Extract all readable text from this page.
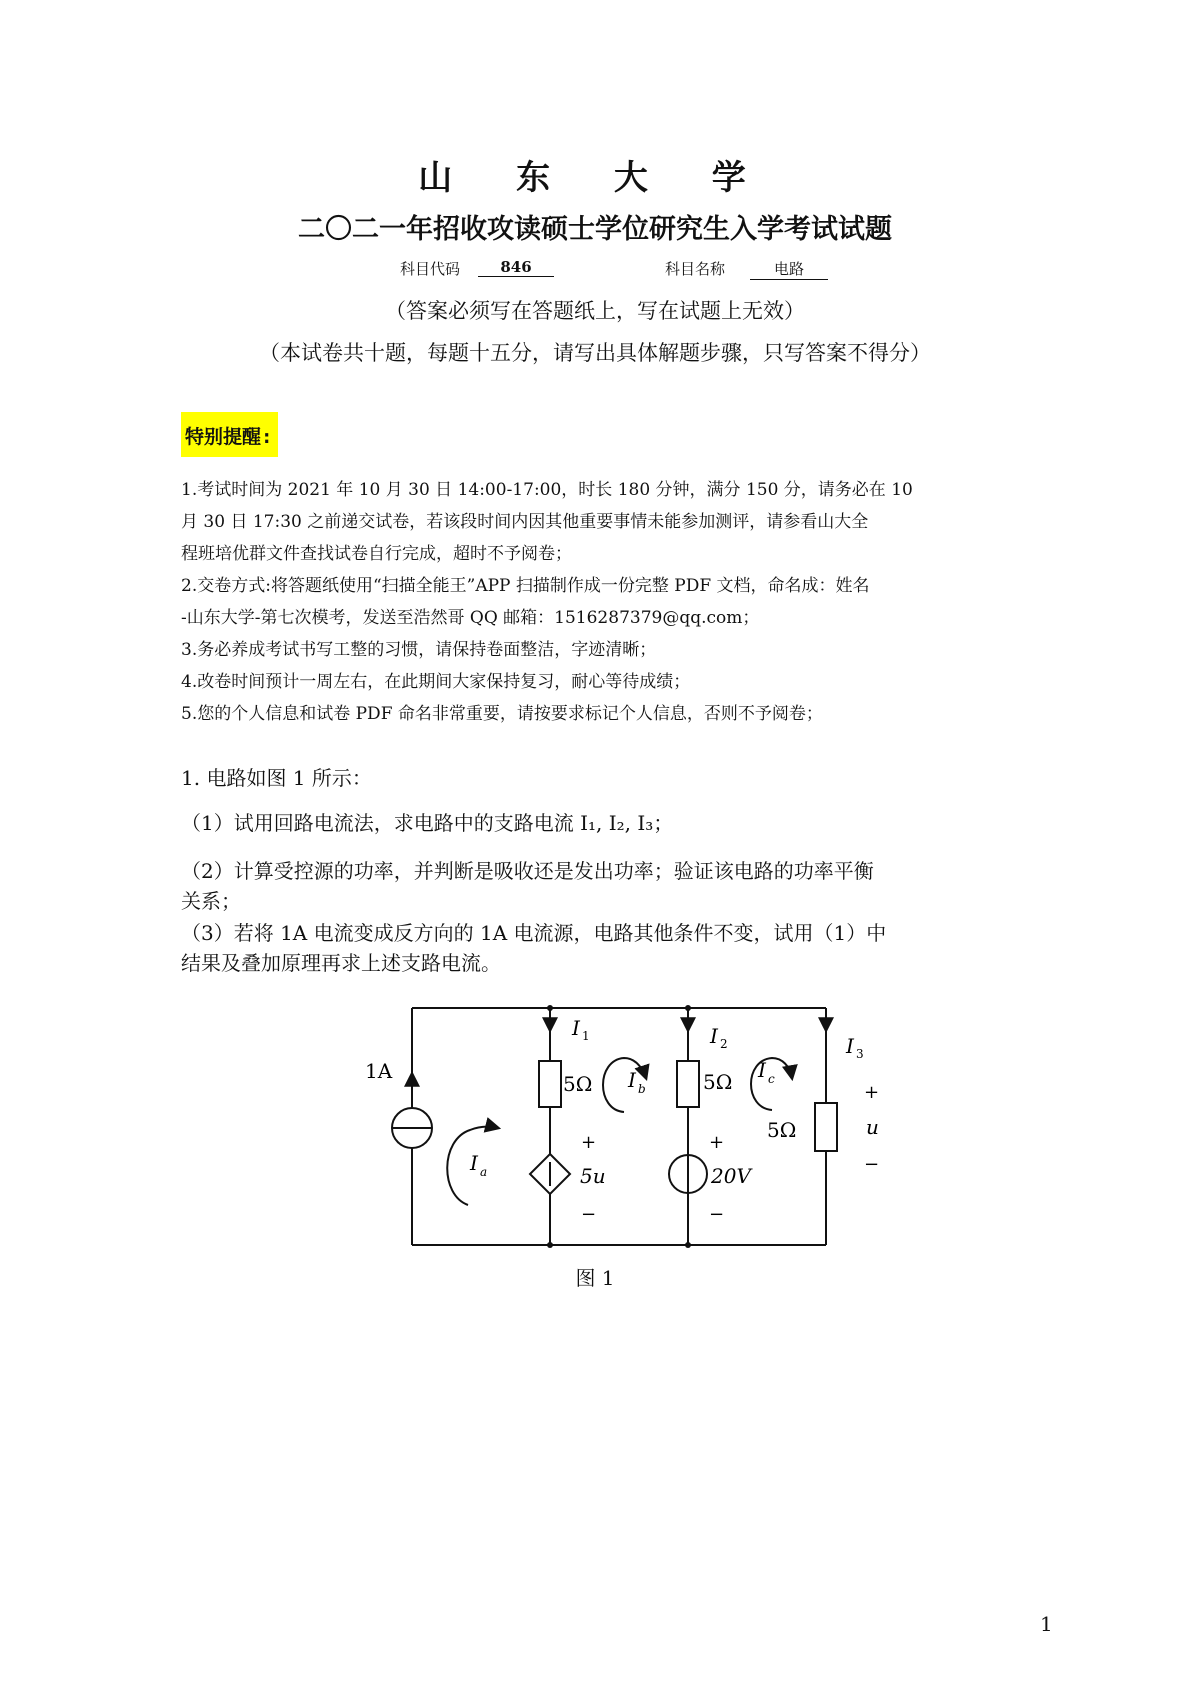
山 东 大 学
二〇二一年招收攻读硕士学位研究生入学考试试题
科目代码	846	科目名称	电路
（答案必须写在答题纸上，写在试题上无效）
（本试卷共十题，每题十五分，请写出具体解题步骤，只写答案不得分）
特别提醒:
1.考试时间为 2021 年 10 月 30 日 14:00-17:00，时长 180 分钟，满分 150 分，请务必在 10
月 30 日 17:30 之前递交试卷，若该段时间内因其他重要事情未能参加测评，请参看山大全
程班培优群文件查找试卷自行完成，超时不予阅卷；
2.交卷方式:将答题纸使用“扫描全能王”APP 扫描制作成一份完整 PDF 文档，命名成：姓名
-山东大学-第七次模考，发送至浩然哥 QQ 邮箱：1516287379@qq.com；
3.务必养成考试书写工整的习惯，请保持卷面整洁，字迹清晰；
4.改卷时间预计一周左右，在此期间大家保持复习，耐心等待成绩；
5.您的个人信息和试卷 PDF 命名非常重要，请按要求标记个人信息，否则不予阅卷；
1. 电路如图 1 所示：
（1）试用回路电流法，求电路中的支路电流 I₁, I₂, I₃；
（2）计算受控源的功率，并判断是吸收还是发出功率；验证该电路的功率平衡
关系；
（3）若将 1A 电流变成反方向的 1A 电流源，电路其他条件不变，试用（1）中
结果及叠加原理再求上述支路电流。
1A
I 1	I 2	I 3
I a
I b
I c
5Ω	5Ω
5Ω
5u	20V
+
−
+
−
+
u
−
图 1
1
